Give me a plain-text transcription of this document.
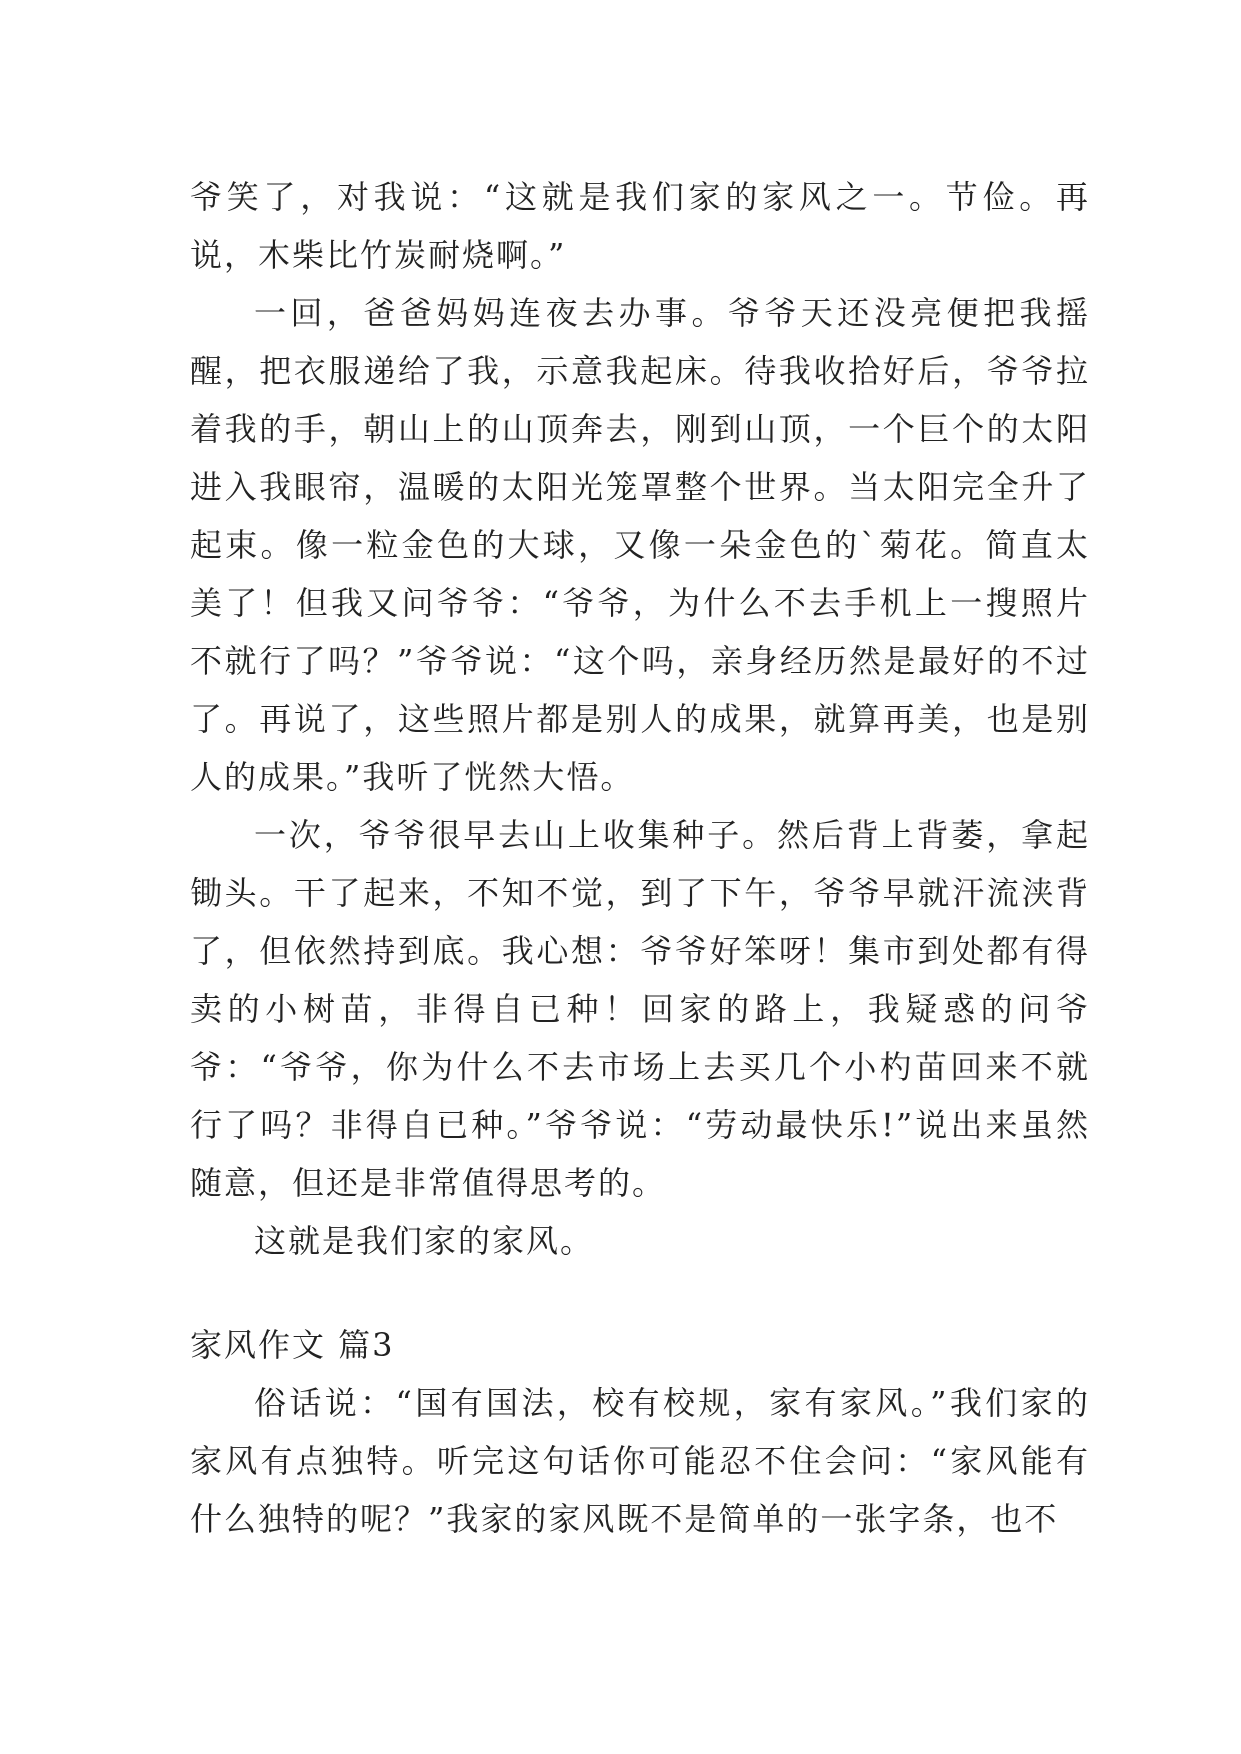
爷笑了，对我说：“这就是我们家的家风之一。节俭。再说，木柴比竹炭耐烧啊。”

一回，爸爸妈妈连夜去办事。爷爷天还没亮便把我摇醒，把衣服递给了我，示意我起床。待我收拾好后，爷爷拉着我的手，朝山上的山顶奔去，刚到山顶，一个巨个的太阳进入我眼帘，温暖的太阳光笼罩整个世界。当太阳完全升了起束。像一粒金色的大球，又像一朵金色的`菊花。简直太美了！但我又问爷爷：“爷爷，为什么不去手机上一搜照片不就行了吗？”爷爷说：“这个吗，亲身经历然是最好的不过了。再说了，这些照片都是别人的成果，就算再美，也是别人的成果。”我听了恍然大悟。

一次，爷爷很早去山上收集种子。然后背上背萎，拿起锄头。干了起来，不知不觉，到了下午，爷爷早就汗流浃背了，但依然持到底。我心想：爷爷好笨呀！集市到处都有得卖的小树苗，非得自已种！回家的路上，我疑惑的问爷爷：“爷爷，你为什么不去市场上去买几个小杓苗回来不就行了吗？非得自已种。”爷爷说：“劳动最快乐!”说出来虽然随意，但还是非常值得思考的。

这就是我们家的家风。

家风作文 篇3

俗话说：“国有国法，校有校规，家有家风。”我们家的家风有点独特。听完这句话你可能忍不住会问：“家风能有什么独特的呢？”我家的家风既不是简单的一张字条，也不
